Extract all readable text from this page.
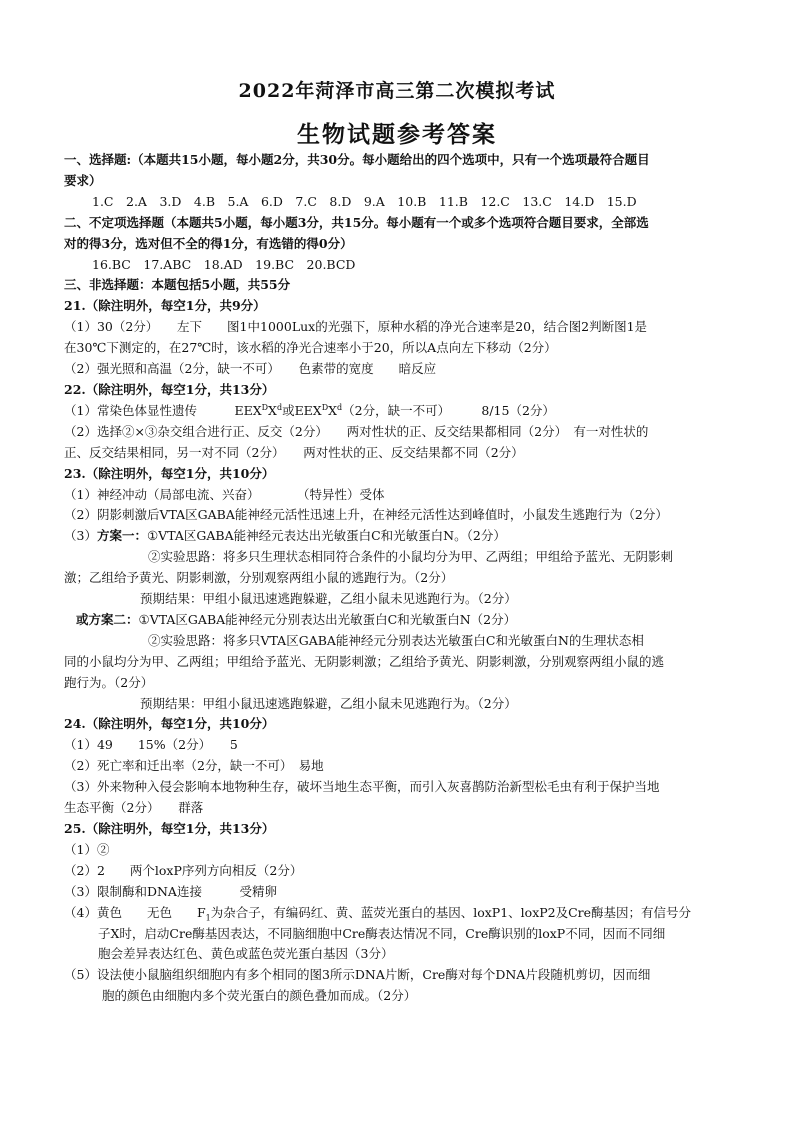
2022年菏泽市高三第二次模拟考试
生物试题参考答案
一、选择题:（本题共15小题，每小题2分，共30分。每小题给出的四个选项中，只有一个选项最符合题目
要求）
1.C　2.A　3.D　4.B　5.A　6.D　7.C　8.D　9.A　10.B　11.B　12.C　13.C　14.D　15.D
二、不定项选择题（本题共5小题，每小题3分，共15分。每小题有一个或多个选项符合题目要求，全部选
对的得3分，选对但不全的得1分，有选错的得0分）
16.BC　17.ABC　18.AD　19.BC　20.BCD
三、非选择题：本题包括5小题，共55分
21.（除注明外，每空1分，共9分）
（1）30（2分）　　左下　　图1中1000Lux的光强下，原种水稻的净光合速率是20，结合图2判断图1是
在30℃下测定的，在27℃时，该水稻的净光合速率小于20，所以A点向左下移动（2分）
（2）强光照和高温（2分，缺一不可）　　色素带的宽度　　暗反应
22.（除注明外，每空1分，共13分）
（1）常染色体显性遗传　　　$EEX^DX^d$或$EEX^DX^d(2$分，缺一不可）　　　8/15（2分）
（2）选择②×③杂交组合进行正、反交（2分）　　两对性状的正、反交结果都相同（2分）　有一对性状的
正、反交结果相同，另一对不同（2分）　　两对性状的正、反交结果都不同（2分）
23.（除注明外，每空1分，共10分）
（1）神经冲动（局部电流、兴奋）　　　　（特异性）受体
（2）阴影刺激后VTA区GABA能神经元活性迅速上升，在神经元活性达到峰值时，小鼠发生逃跑行为（2分）
（3）方案一：①VTA区GABA能神经元表达出光敏蛋白C和光敏蛋白N。（2分）
②实验思路：将多只生理状态相同符合条件的小鼠均分为甲、乙两组；甲组给予蓝光、无阴影刺
激；乙组给予黄光、阴影刺激，分别观察两组小鼠的逃跑行为。（2分）
预期结果：甲组小鼠迅速逃跑躲避，乙组小鼠未见逃跑行为。（2分）
或方案二：①VTA区GABA能神经元分别表达出光敏蛋白C和光敏蛋白N（2分）
②实验思路：将多只VTA区GABA能神经元分别表达光敏蛋白C和光敏蛋白N的生理状态相
同的小鼠均分为甲、乙两组；甲组给予蓝光、无阴影刺激；乙组给予黄光、阴影刺激，分别观察两组小鼠的逃
跑行为。（2分）
预期结果：甲组小鼠迅速逃跑躲避，乙组小鼠未见逃跑行为。（2分）
24.（除注明外，每空1分，共10分）
（1）49　　15%（2分）　　5
（2）死亡率和迁出率（2分，缺一不可）　易地
（3）外来物种入侵会影响本地物种生存，破坏当地生态平衡，而引入灰喜鹊防治新型松毛虫有利于保护当地
生态平衡（2分）　　群落
25.（除注明外，每空1分，共13分）
（1）②
（2）2　　两个loxP序列方向相反（2分）
（3）限制酶和DNA连接　　　受精卵
（4）黄色　　无色　　$F_1$为杂合子，有编码红、黄、蓝荧光蛋白的基因、loxP1、loxP2及Cre酶基因；有信号分
子X时，启动Cre酶基因表达，不同脑细胞中Cre酶表达情况不同，Cre酶识别的loxP不同，因而不同细
胞会差异表达红色、黄色或蓝色荧光蛋白基因（3分）
（5）设法使小鼠脑组织细胞内有多个相同的图3所示DNA片断，Cre酶对每个DNA片段随机剪切，因而细
胞的颜色由细胞内多个荧光蛋白的颜色叠加而成。（2分）
